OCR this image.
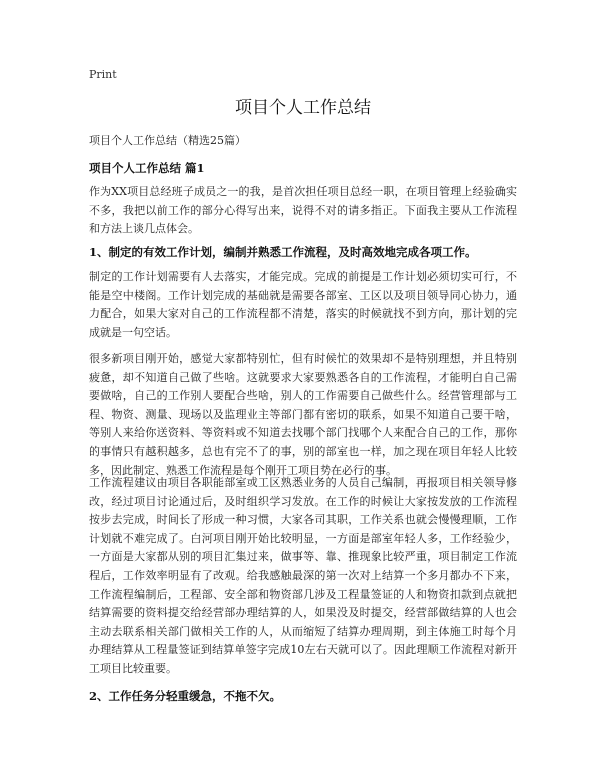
Print
项目个人工作总结
项目个人工作总结（精选25篇）
项目个人工作总结 篇1

作为XX项目总经班子成员之一的我，是首次担任项目总经一职，在项目管理上经验确实不多，我把以前工作的部分心得写出来，说得不对的请多指正。下面我主要从工作流程和方法上谈几点体会。

1、制定的有效工作计划，编制并熟悉工作流程，及时高效地完成各项工作。

制定的工作计划需要有人去落实，才能完成。完成的前提是工作计划必须切实可行，不能是空中楼阁。工作计划完成的基础就是需要各部室、工区以及项目领导同心协力，通力配合，如果大家对自己的工作流程都不清楚，落实的时候就找不到方向，那计划的完成就是一句空话。

很多新项目刚开始，感觉大家都特别忙，但有时候忙的效果却不是特别理想，并且特别疲惫，却不知道自己做了些啥。这就要求大家要熟悉各自的工作流程，才能明白自己需要做啥，自己的工作别人要配合些啥，别人的工作需要自己做些什么。经营管理部与工程、物资、测量、现场以及监理业主等部门都有密切的联系，如果不知道自己要干啥，等别人来给你送资料、等资料或不知道去找哪个部门找哪个人来配合自己的工作，那你的事情只有越积越多，总也有完不了的事，别的部室也一样，加之现在项目年轻人比较多，因此制定、熟悉工作流程是每个刚开工项目势在必行的事。

工作流程建议由项目各职能部室或工区熟悉业务的人员自己编制，再报项目相关领导修改，经过项目讨论通过后，及时组织学习发放。在工作的时候让大家按发放的工作流程按步去完成，时间长了形成一种习惯，大家各司其职，工作关系也就会慢慢理顺，工作计划就不难完成了。白河项目刚开始比较明显，一方面是部室年轻人多，工作经验少，一方面是大家都从别的项目汇集过来，做事等、靠、推现象比较严重，项目制定工作流程后，工作效率明显有了改观。给我感触最深的第一次对上结算一个多月都办不下来，工作流程编制后，工程部、安全部和物资部几涉及工程量签证的人和物资扣款到点就把结算需要的资料提交给经营部办理结算的人，如果没及时提交，经营部做结算的人也会主动去联系相关部门做相关工作的人，从而缩短了结算办理周期，到主体施工时每个月办理结算从工程量签证到结算单签字完成10左右天就可以了。因此理顺工作流程对新开工项目比较重要。

2、工作任务分轻重缓急，不拖不欠。
